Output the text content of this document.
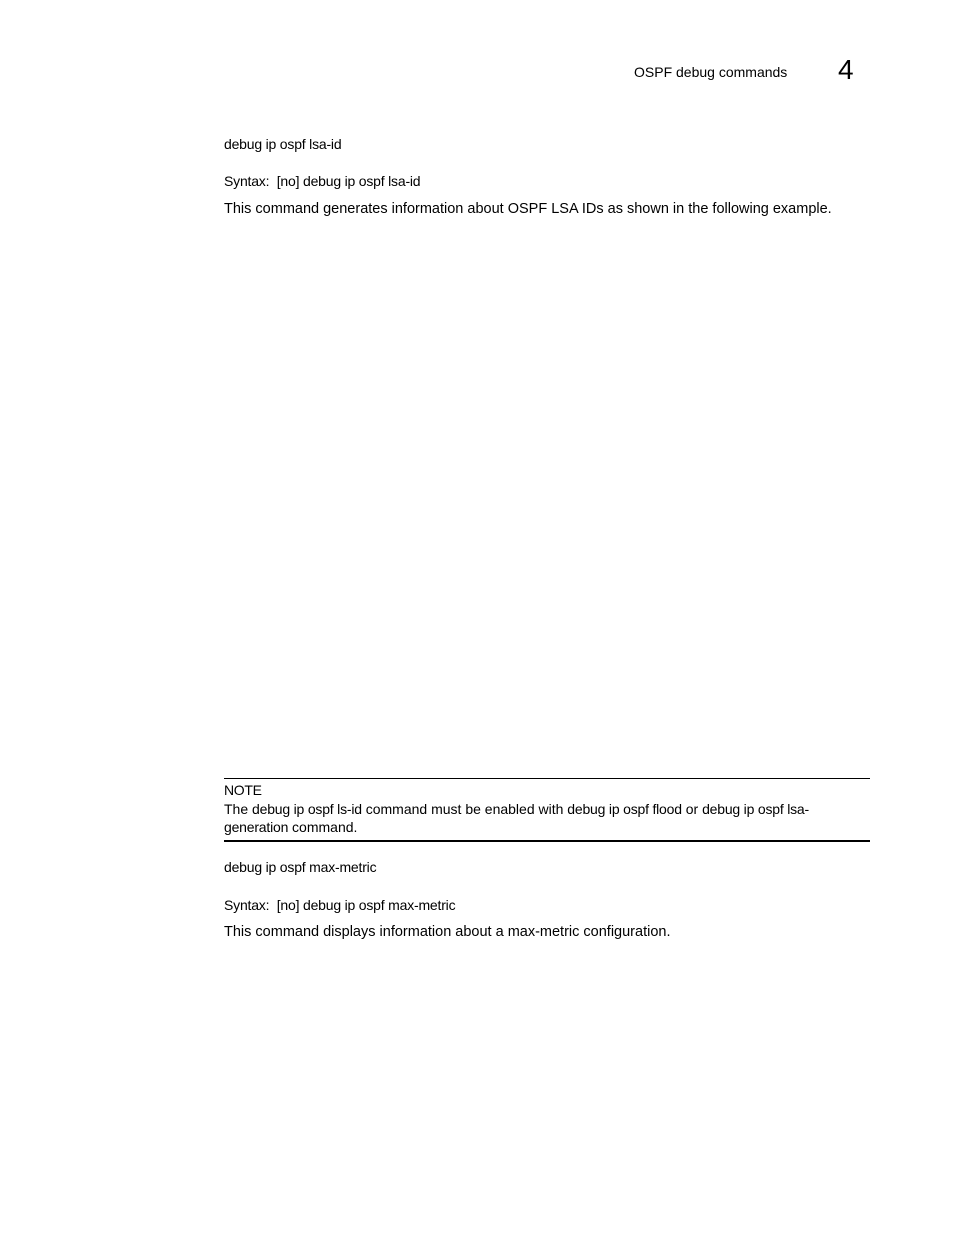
OSPF debug commands 4
debug ip ospf lsa-id
Syntax: [no] debug ip ospf lsa-id
This command generates information about OSPF LSA IDs as shown in the following example.
NOTE
The debug ip ospf ls-id command must be enabled with debug ip ospf flood or debug ip ospf lsa-generation command.
debug ip ospf max-metric
Syntax: [no] debug ip ospf max-metric
This command displays information about a max-metric configuration.
